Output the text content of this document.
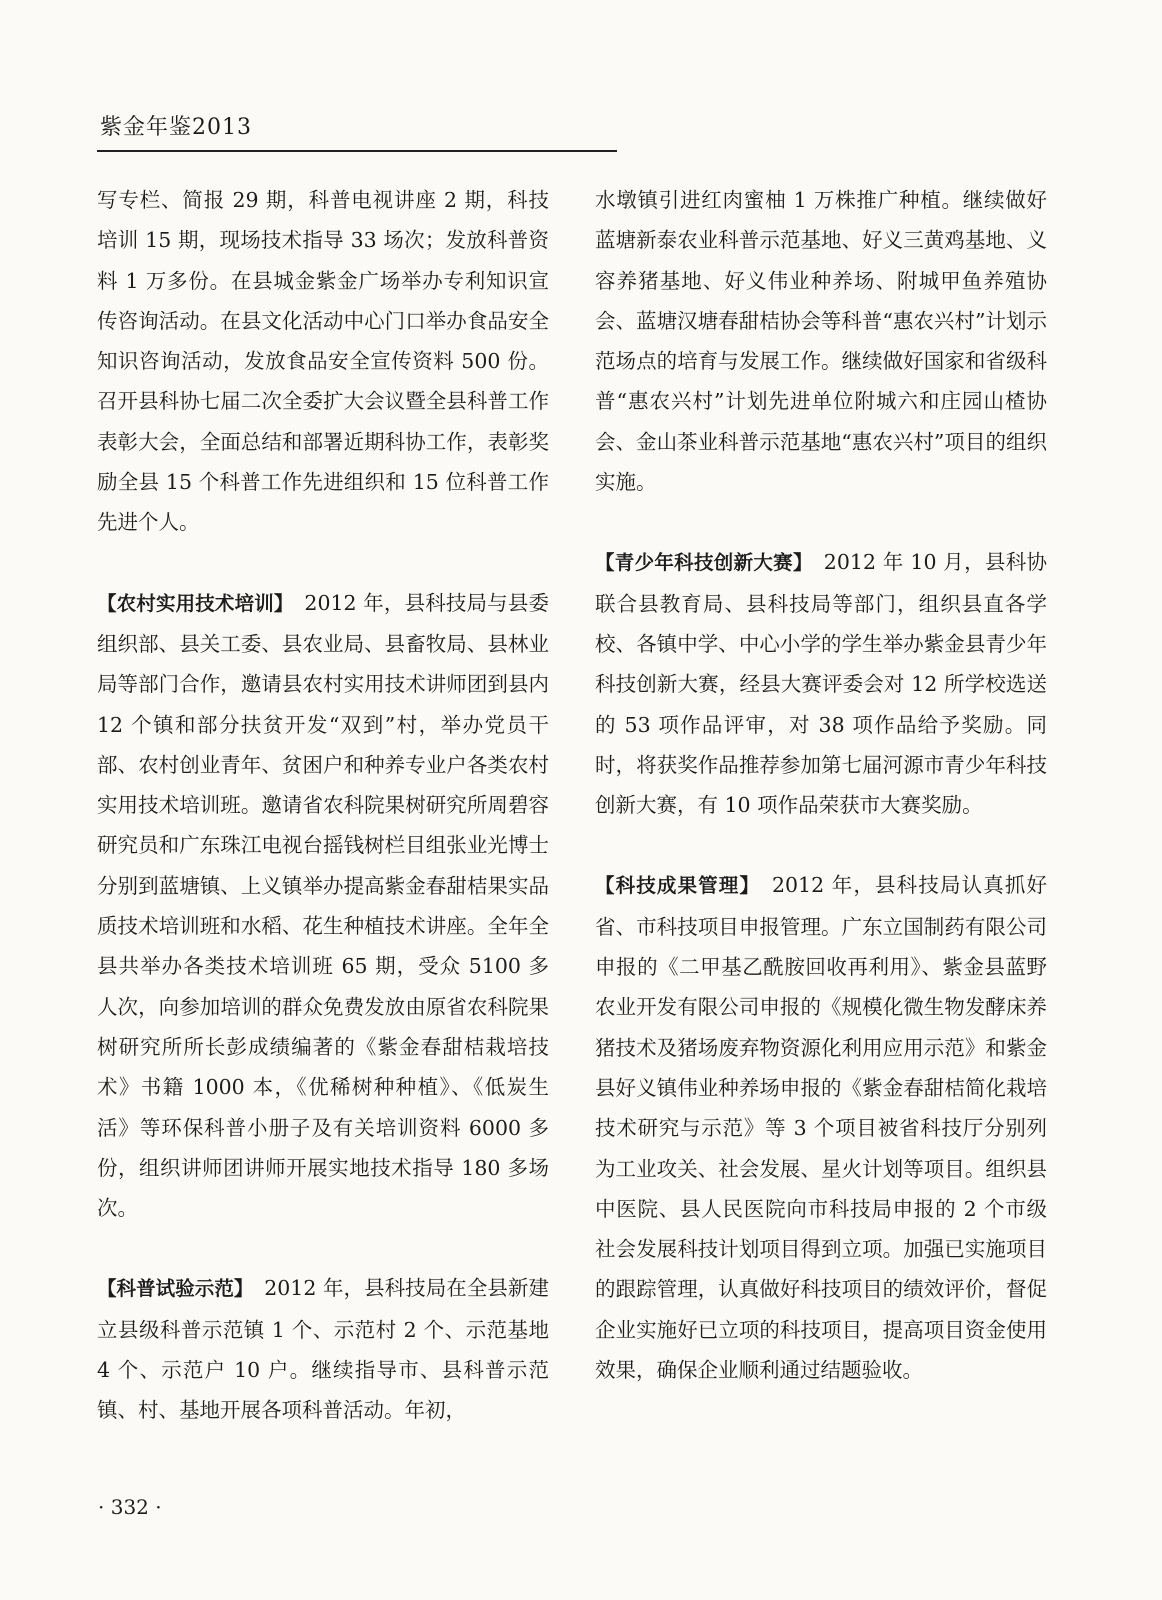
紫金年鉴2013

写专栏、简报 29 期，科普电视讲座 2 期，科技培训 15 期，现场技术指导 33 场次；发放科普资料 1 万多份。在县城金紫金广场举办专利知识宣传咨询活动。在县文化活动中心门口举办食品安全知识咨询活动，发放食品安全宣传资料 500 份。召开县科协七届二次全委扩大会议暨全县科普工作表彰大会，全面总结和部署近期科协工作，表彰奖励全县 15 个科普工作先进组织和 15 位科普工作先进个人。

【农村实用技术培训】　2012 年，县科技局与县委组织部、县关工委、县农业局、县畜牧局、县林业局等部门合作，邀请县农村实用技术讲师团到县内 12 个镇和部分扶贫开发“双到”村，举办党员干部、农村创业青年、贫困户和种养专业户各类农村实用技术培训班。邀请省农科院果树研究所周碧容研究员和广东珠江电视台摇钱树栏目组张业光博士分别到蓝塘镇、上义镇举办提高紫金春甜桔果实品质技术培训班和水稻、花生种植技术讲座。全年全县共举办各类技术培训班 65 期，受众 5100 多人次，向参加培训的群众免费发放由原省农科院果树研究所所长彭成绩编著的《紫金春甜桔栽培技术》书籍 1000 本，《优稀树种种植》、《低炭生活》等环保科普小册子及有关培训资料 6000 多份，组织讲师团讲师开展实地技术指导 180 多场次。

【科普试验示范】　2012 年，县科技局在全县新建立县级科普示范镇 1 个、示范村 2 个、示范基地 4 个、示范户 10 户。继续指导市、县科普示范镇、村、基地开展各项科普活动。年初，

水墩镇引进红肉蜜柚 1 万株推广种植。继续做好蓝塘新泰农业科普示范基地、好义三黄鸡基地、义容养猪基地、好义伟业种养场、附城甲鱼养殖协会、蓝塘汉塘春甜桔协会等科普“惠农兴村”计划示范场点的培育与发展工作。继续做好国家和省级科普“惠农兴村”计划先进单位附城六和庄园山楂协会、金山茶业科普示范基地“惠农兴村”项目的组织实施。

【青少年科技创新大赛】　2012 年 10 月，县科协联合县教育局、县科技局等部门，组织县直各学校、各镇中学、中心小学的学生举办紫金县青少年科技创新大赛，经县大赛评委会对 12 所学校选送的 53 项作品评审，对 38 项作品给予奖励。同时，将获奖作品推荐参加第七届河源市青少年科技创新大赛，有 10 项作品荣获市大赛奖励。

【科技成果管理】　2012 年，县科技局认真抓好省、市科技项目申报管理。广东立国制药有限公司申报的《二甲基乙酰胺回收再利用》、紫金县蓝野农业开发有限公司申报的《规模化微生物发酵床养猪技术及猪场废弃物资源化利用应用示范》和紫金县好义镇伟业种养场申报的《紫金春甜桔简化栽培技术研究与示范》等 3 个项目被省科技厅分别列为工业攻关、社会发展、星火计划等项目。组织县中医院、县人民医院向市科技局申报的 2 个市级社会发展科技计划项目得到立项。加强已实施项目的跟踪管理，认真做好科技项目的绩效评价，督促企业实施好已立项的科技项目，提高项目资金使用效果，确保企业顺利通过结题验收。

· 332 ·
